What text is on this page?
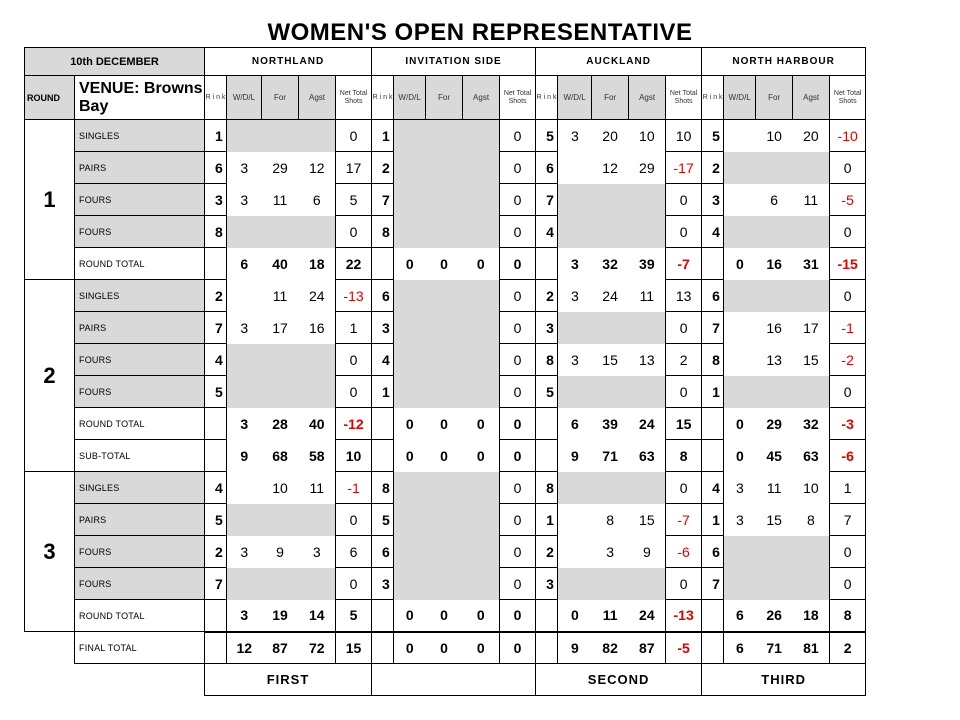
WOMEN'S OPEN REPRESENTATIVE
10th DECEMBER		NORTHLAND					INVITATION SIDE					AUCKLAND					NORTH HARBOUR				
ROUND	VENUE: Browns Bay	R i n k	W/D/L	For	Agst	Net Total Shots	R i n k	W/D/L	For	Agst	Net Total Shots	R i n k	W/D/L	For	Agst	Net Total Shots	R i n k	W/D/L	For	Agst	Net Total Shots
1	SINGLES	1				0	1				0	5	3	20	10	10	5		10	20	-10
	PAIRS	6	3	29	12	17	2				0	6		12	29	-17	2				0
	FOURS	3	3	11	6	5	7				0	7				0	3		6	11	-5
	FOURS	8				0	8				0	4				0	4				0
	ROUND TOTAL		6	40	18	22		0	0	0	0		3	32	39	-7		0	16	31	-15
2	SINGLES	2		11	24	-13	6				0	2	3	24	11	13	6				0
	PAIRS	7	3	17	16	1	3				0	3				0	7		16	17	-1
	FOURS	4				0	4				0	8	3	15	13	2	8		13	15	-2
	FOURS	5				0	1				0	5				0	1				0
	ROUND TOTAL		3	28	40	-12		0	0	0	0		6	39	24	15		0	29	32	-3
	SUB-TOTAL		9	68	58	10		0	0	0	0		9	71	63	8		0	45	63	-6
3	SINGLES	4		10	11	-1	8				0	8				0	4	3	11	10	1
	PAIRS	5				0	5				0	1		8	15	-7	1	3	15	8	7
	FOURS	2	3	9	3	6	6				0	2		3	9	-6	6				0
	FOURS	7				0	3				0	3				0	7				0
	ROUND TOTAL		3	19	14	5		0	0	0	0		0	11	24	-13		6	26	18	8
	FINAL TOTAL		12	87	72	15		0	0	0	0		9	82	87	-5		6	71	81	2
		FIRST										SECOND					THIRD				
